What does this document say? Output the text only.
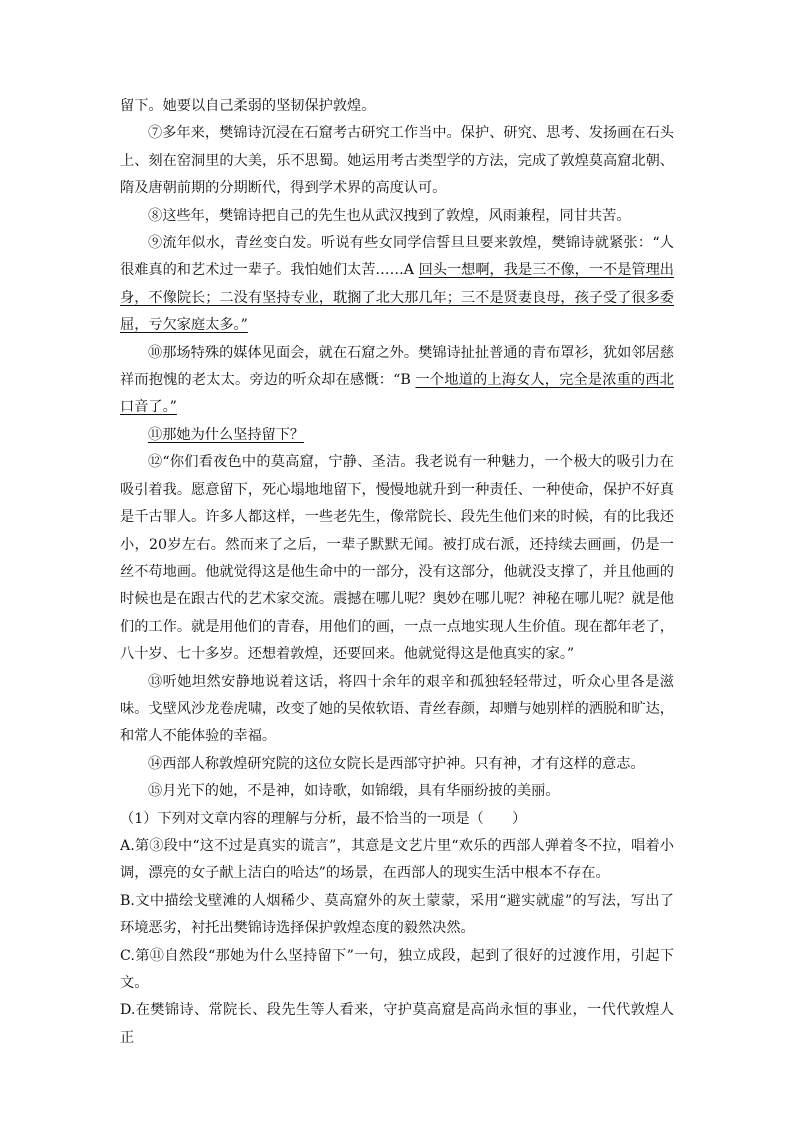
留下。她要以自己柔弱的坚韧保护敦煌。

⑦多年来，樊锦诗沉浸在石窟考古研究工作当中。保护、研究、思考、发扬画在石头上、刻在窑洞里的大美，乐不思蜀。她运用考古类型学的方法，完成了敦煌莫高窟北朝、隋及唐朝前期的分期断代，得到学术界的高度认可。

⑧这些年，樊锦诗把自己的先生也从武汉拽到了敦煌，风雨兼程，同甘共苦。

⑨流年似水，青丝变白发。听说有些女同学信誓旦旦要来敦煌，樊锦诗就紧张：“人很难真的和艺术过一辈子。我怕她们太苦……A 回头一想啊，我是三不像，一不是管理出身，不像院长；二没有坚持专业，耽搁了北大那几年；三不是贤妻良母，孩子受了很多委屈，亏欠家庭太多。”

⑩那场特殊的媒体见面会，就在石窟之外。樊锦诗扯扯普通的青布罩衫，犹如邻居慈祥而抱愧的老太太。旁边的听众却在感慨：“B 一个地道的上海女人，完全是浓重的西北口音了。”

⑪那她为什么坚持留下？

⑫“你们看夜色中的莫高窟，宁静、圣洁。我老说有一种魅力，一个极大的吸引力在吸引着我。愿意留下，死心塌地地留下，慢慢地就升到一种责任、一种使命，保护不好真是千古罪人。许多人都这样，一些老先生，像常院长、段先生他们来的时候，有的比我还小，20岁左右。然而来了之后，一辈子默默无闻。被打成右派，还持续去画画，仍是一丝不苟地画。他就觉得这是他生命中的一部分，没有这部分，他就没支撑了，并且他画的时候也是在跟古代的艺术家交流。震撼在哪儿呢？奥妙在哪儿呢？神秘在哪儿呢？就是他们的工作。就是用他们的青春，用他们的画，一点一点地实现人生价值。现在都年老了，八十岁、七十多岁。还想着敦煌，还要回来。他就觉得这是他真实的家。”

⑬听她坦然安静地说着这话，将四十余年的艰辛和孤独轻轻带过，听众心里各是滋味。戈壁风沙龙卷虎啸，改变了她的吴侬软语、青丝春颜，却赠与她别样的洒脱和旷达，和常人不能体验的幸福。

⑭西部人称敦煌研究院的这位女院长是西部守护神。只有神，才有这样的意志。

⑮月光下的她，不是神，如诗歌，如锦缎，具有华丽纷披的美丽。

（1）下列对文章内容的理解与分析，最不恰当的一项是（　　）

A.第③段中“这不过是真实的谎言”，其意是文艺片里“欢乐的西部人弹着冬不拉，唱着小调，漂亮的女子献上洁白的哈达”的场景，在西部人的现实生活中根本不存在。

B.文中描绘戈壁滩的人烟稀少、莫高窟外的灰土蒙蒙，采用“避实就虚”的写法，写出了环境恶劣，衬托出樊锦诗选择保护敦煌态度的毅然决然。

C.第⑪自然段“那她为什么坚持留下”一句，独立成段，起到了很好的过渡作用，引起下文。

D.在樊锦诗、常院长、段先生等人看来，守护莫高窟是高尚永恒的事业，一代代敦煌人正
